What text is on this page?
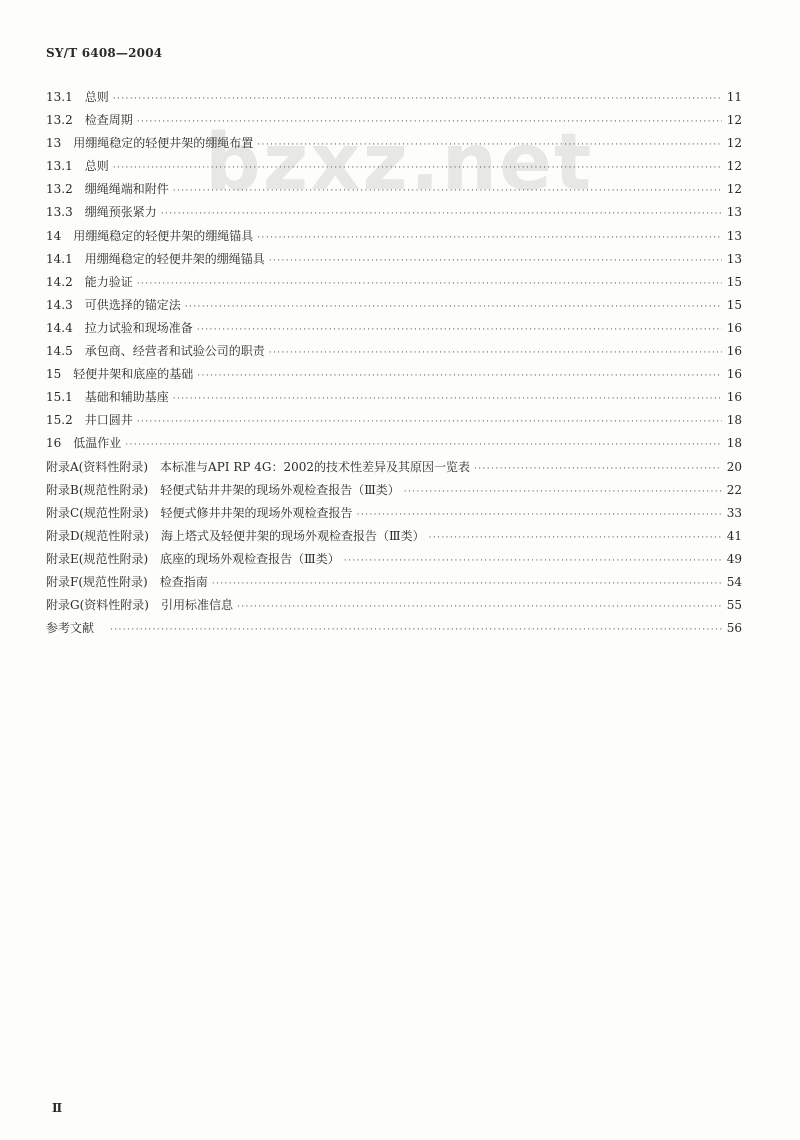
SY/T 6408—2004
bzxz.net
13.1	总则 ·····	11
13.2	检查周期 ·····	12
13	用绷绳稳定的轻便井架的绷绳布置 ·····	12
13.1	总则 ·····	12
13.2	绷绳绳端和附件 ·····	12
13.3	绷绳预张紧力 ·····	13
14	用绷绳稳定的轻便井架的绷绳锚具 ·····	13
14.1	用绷绳稳定的轻便井架的绷绳锚具 ·····	13
14.2	能力验证 ·····	15
14.3	可供选择的锚定法 ·····	15
14.4	拉力试验和现场准备 ·····	16
14.5	承包商、经营者和试验公司的职责 ·····	16
15	轻便井架和底座的基础 ·····	16
15.1	基础和辅助基座 ·····	16
15.2	井口圆井 ·····	18
16	低温作业 ·····	18
附录A(资料性附录)	本标准与API RP 4G：2002的技术性差异及其原因一览表 ·····	20
附录B(规范性附录)	轻便式钻井井架的现场外观检查报告（Ⅲ类） ·····	22
附录C(规范性附录)	轻便式修井井架的现场外观检查报告 ·····	33
附录D(规范性附录)	海上塔式及轻便井架的现场外观检查报告（Ⅲ类） ·····	41
附录E(规范性附录)	底座的现场外观检查报告（Ⅲ类） ·····	49
附录F(规范性附录)	检查指南 ·····	54
附录G(资料性附录)	引用标准信息 ·····	55
参考文献 ·····	56
Ⅱ
